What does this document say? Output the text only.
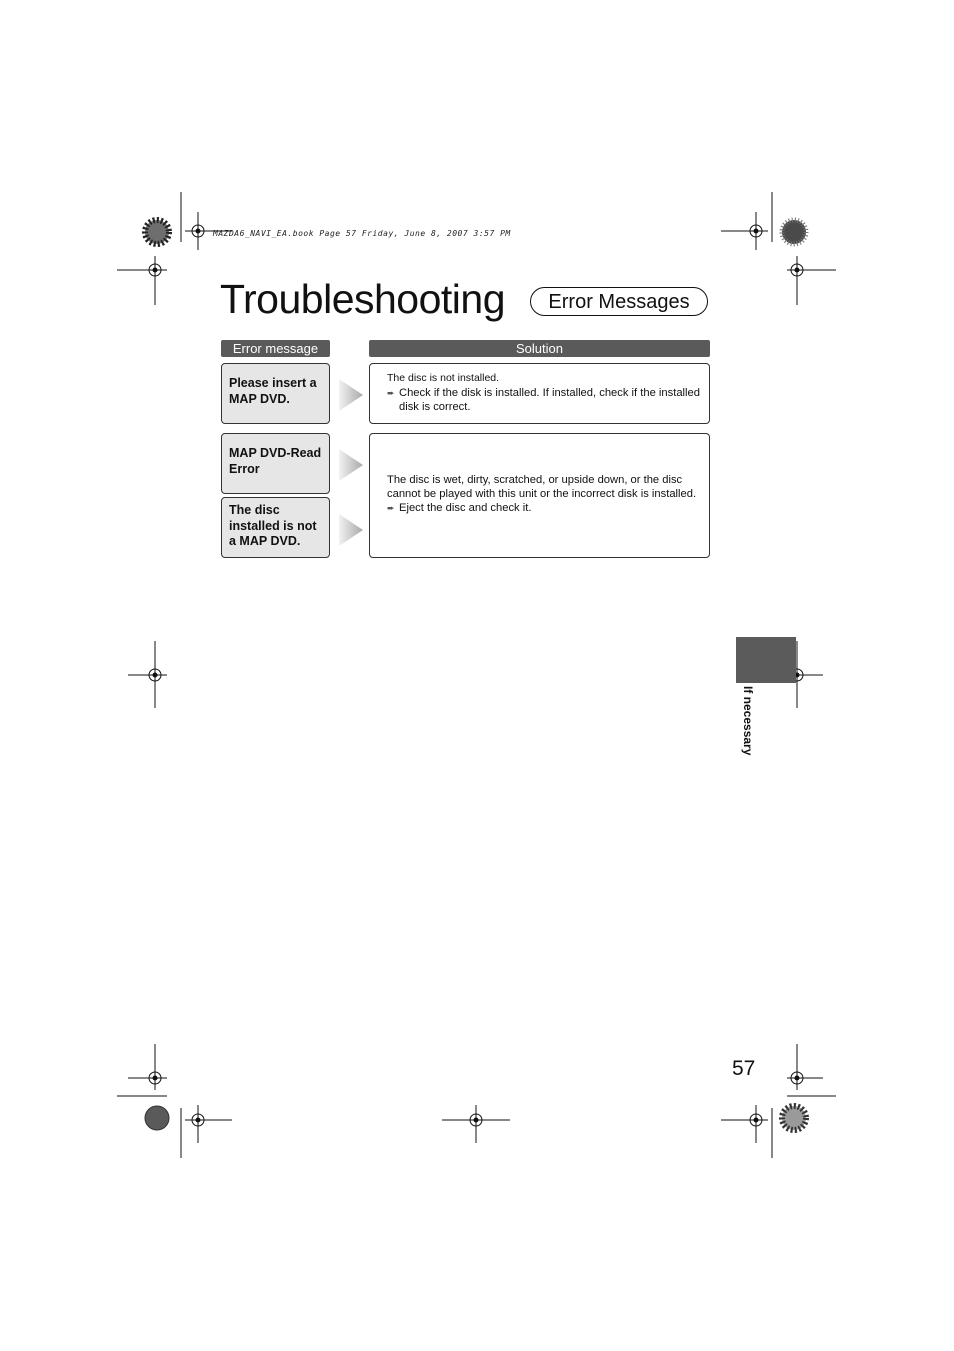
MAZDA6_NAVI_EA.book Page 57 Friday, June 8, 2007 3:57 PM
Troubleshooting	Error Messages
Error message	Solution
Please insert a MAP DVD.
The disc is not installed.
➨ Check if the disk is installed. If installed, check if the installed disk is correct.
MAP DVD-Read Error
The disc installed is not a MAP DVD.
The disc is wet, dirty, scratched, or upside down, or the disc cannot be played with this unit or the incorrect disk is installed.
➨ Eject the disc and check it.
If necessary
57
